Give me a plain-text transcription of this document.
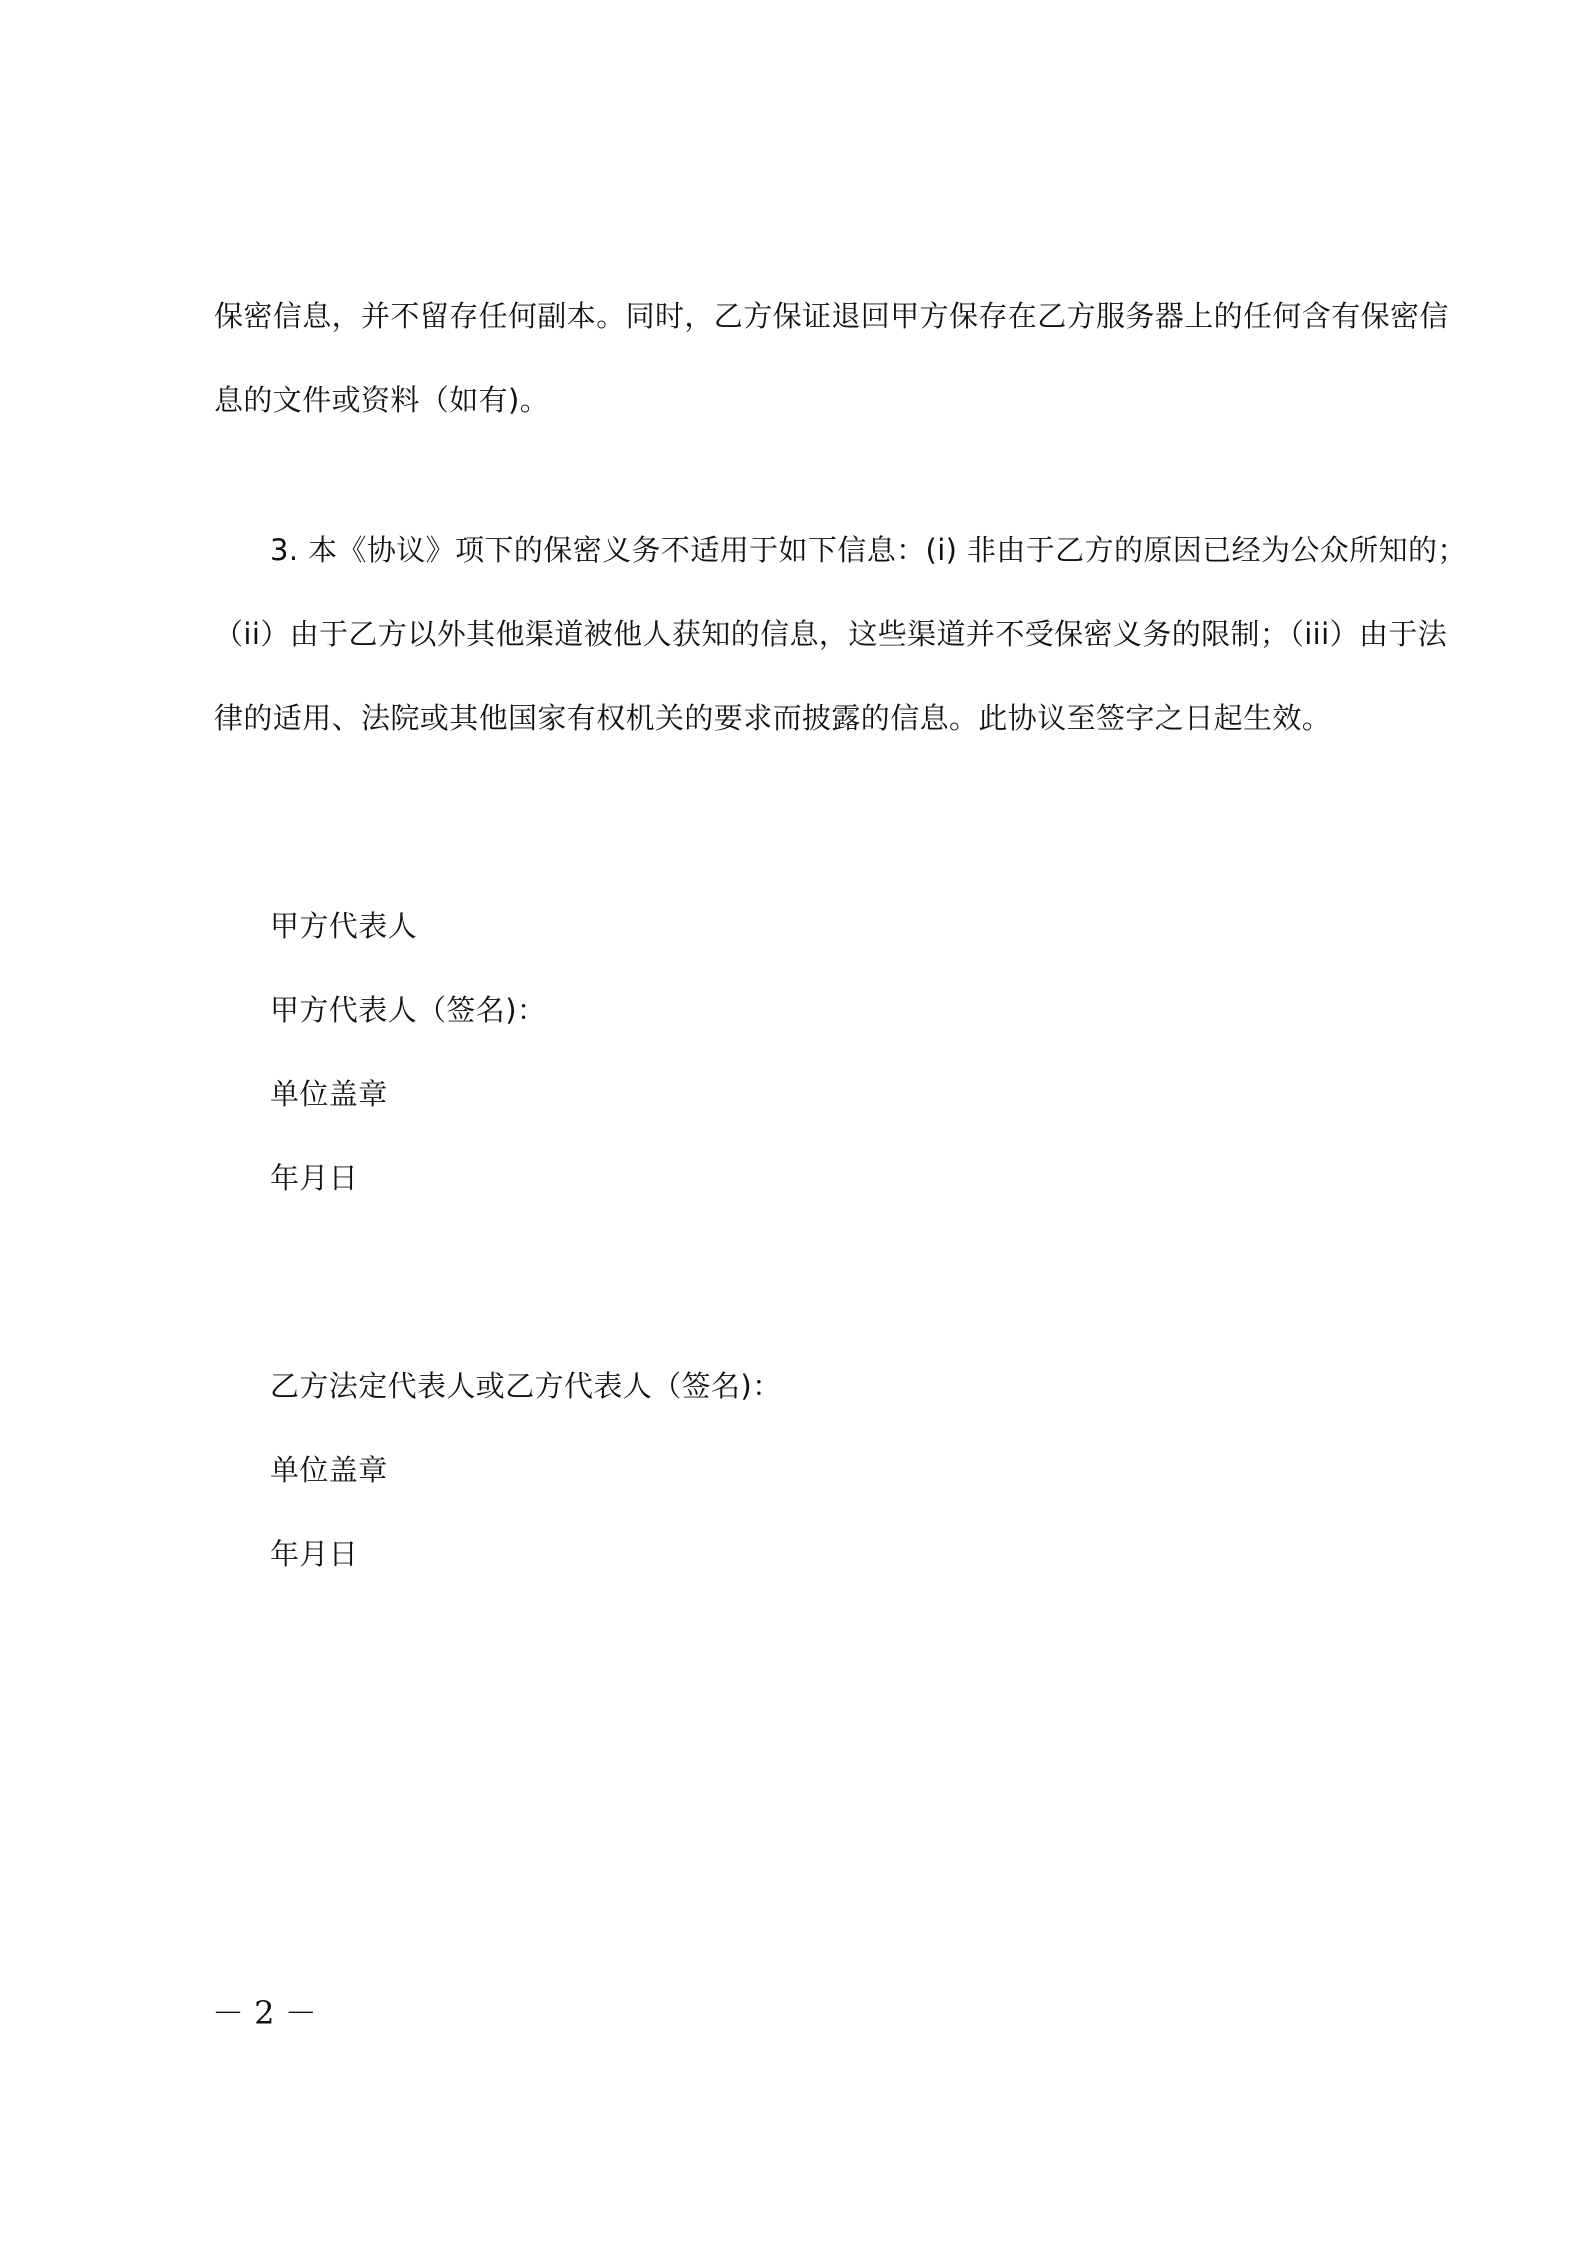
保密信息，并不留存任何副本。同时，乙方保证退回甲方保存在乙方服务器上的任何含有保密信
息的文件或资料（如有)。
3. 本《协议》项下的保密义务不适用于如下信息：(i) 非由于乙方的原因已经为公众所知的；
（ii）由于乙方以外其他渠道被他人获知的信息，这些渠道并不受保密义务的限制；（iii）由于法
律的适用、法院或其他国家有权机关的要求而披露的信息。此协议至签字之日起生效。
甲方代表人
甲方代表人（签名)：
单位盖章
年月日
乙方法定代表人或乙方代表人（签名)：
单位盖章
年月日
－ 2 －
